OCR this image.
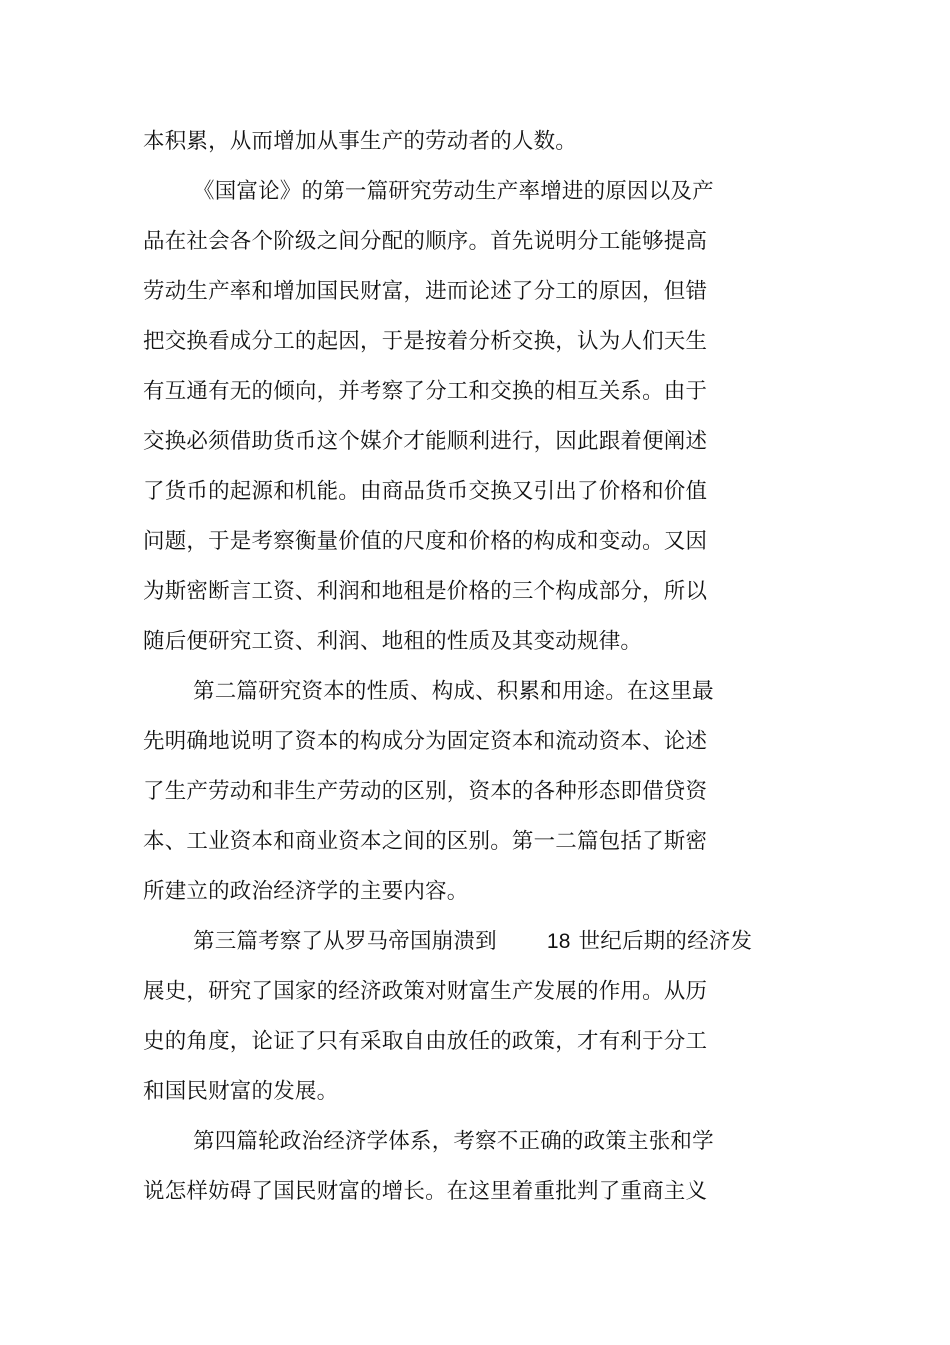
本积累，从而增加从事生产的劳动者的人数。
《国富论》的第一篇研究劳动生产率增进的原因以及产
品在社会各个阶级之间分配的顺序。首先说明分工能够提高
劳动生产率和增加国民财富，进而论述了分工的原因，但错
把交换看成分工的起因，于是按着分析交换，认为人们天生
有互通有无的倾向，并考察了分工和交换的相互关系。由于
交换必须借助货币这个媒介才能顺利进行，因此跟着便阐述
了货币的起源和机能。由商品货币交换又引出了价格和价值
问题，于是考察衡量价值的尺度和价格的构成和变动。又因
为斯密断言工资、利润和地租是价格的三个构成部分，所以
随后便研究工资、利润、地租的性质及其变动规律。
第二篇研究资本的性质、构成、积累和用途。在这里最
先明确地说明了资本的构成分为固定资本和流动资本、论述
了生产劳动和非生产劳动的区别，资本的各种形态即借贷资
本、工业资本和商业资本之间的区别。第一二篇包括了斯密
所建立的政治经济学的主要内容。
第三篇考察了从罗马帝国崩溃到 18 世纪后期的经济发
展史，研究了国家的经济政策对财富生产发展的作用。从历
史的角度，论证了只有采取自由放任的政策，才有利于分工
和国民财富的发展。
第四篇轮政治经济学体系，考察不正确的政策主张和学
说怎样妨碍了国民财富的增长。在这里着重批判了重商主义
